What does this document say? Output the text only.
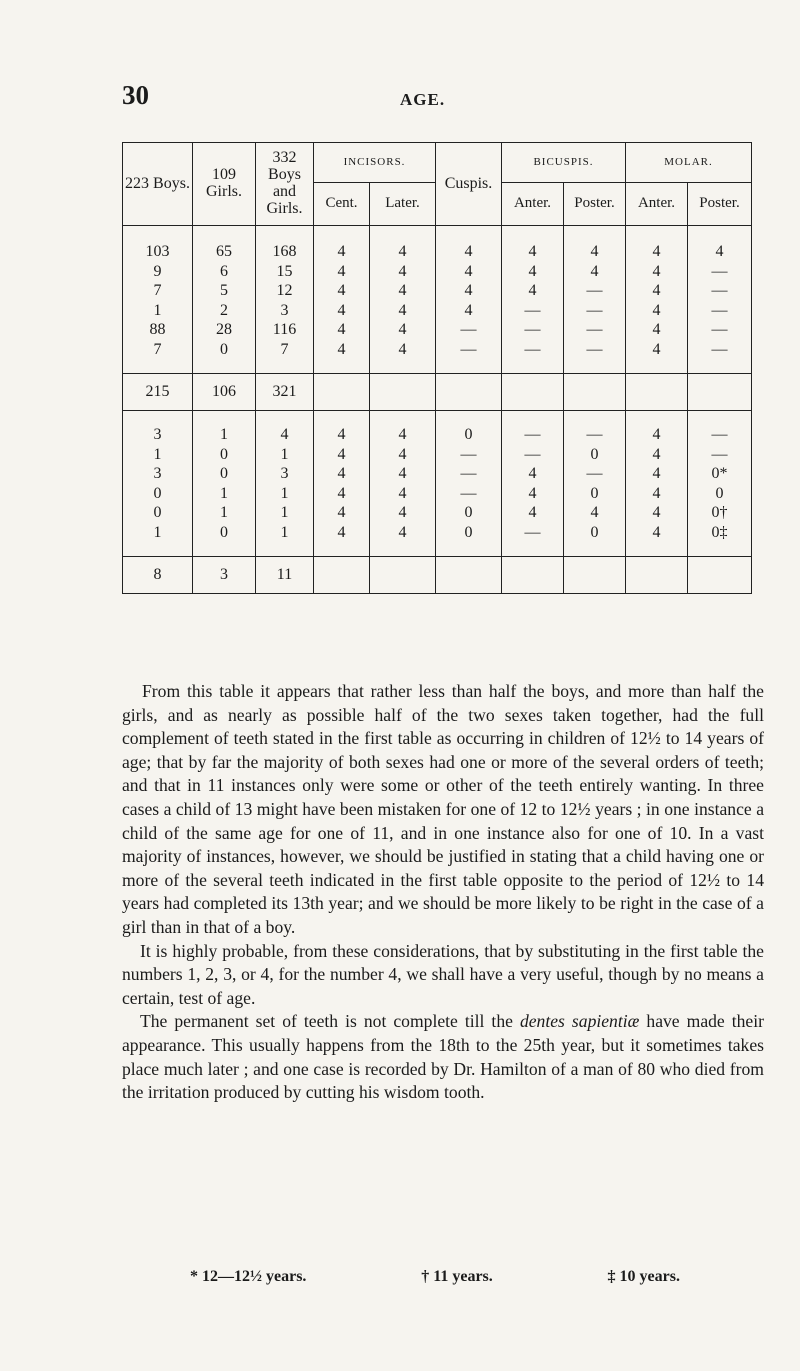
30	AGE.
223 Boys.	109 Girls.	332 Boys and Girls.	INCISORS.		Cuspis.	BICUSPIS.		MOLAR.	
			Cent.	Later.		Anter.	Poster.	Anter.	Poster.

103	65	168	4	4	4	4	4	4	4
9	6	15	4	4	4	4	4	4	—
7	5	12	4	4	4	4	—	4	—
1	2	3	4	4	4	—	—	4	—
88	28	116	4	4	—	—	—	4	—
7	0	7	4	4	—	—	—	4	—

215	106	321							

3	1	4	4	4	0	—	—	4	—
1	0	1	4	4	—	—	0	4	—
3	0	3	4	4	—	4	—	4	0*
0	1	1	4	4	—	4	0	4	0
0	1	1	4	4	0	4	4	4	0†
1	0	1	4	4	0	—	0	4	0‡

8	3	11							

From this table it appears that rather less than half the boys, and more than half the girls, and as nearly as possible half of the two sexes taken together, had the full complement of teeth stated in the first table as occurring in children of 12½ to 14 years of age; that by far the majority of both sexes had one or more of the several orders of teeth; and that in 11 instances only were some or other of the teeth entirely wanting. In three cases a child of 13 might have been mistaken for one of 12 to 12½ years ; in one instance a child of the same age for one of 11, and in one instance also for one of 10. In a vast majority of instances, however, we should be justified in stating that a child having one or more of the several teeth indicated in the first table opposite to the period of 12½ to 14 years had completed its 13th year; and we should be more likely to be right in the case of a girl than in that of a boy.

It is highly probable, from these considerations, that by substituting in the first table the numbers 1, 2, 3, or 4, for the number 4, we shall have a very useful, though by no means a certain, test of age.

The permanent set of teeth is not complete till the dentes sapientiæ have made their appearance. This usually happens from the 18th to the 25th year, but it sometimes takes place much later ; and one case is recorded by Dr. Hamilton of a man of 80 who died from the irritation produced by cutting his wisdom tooth.

* 12—12½ years.	† 11 years.	‡ 10 years.
